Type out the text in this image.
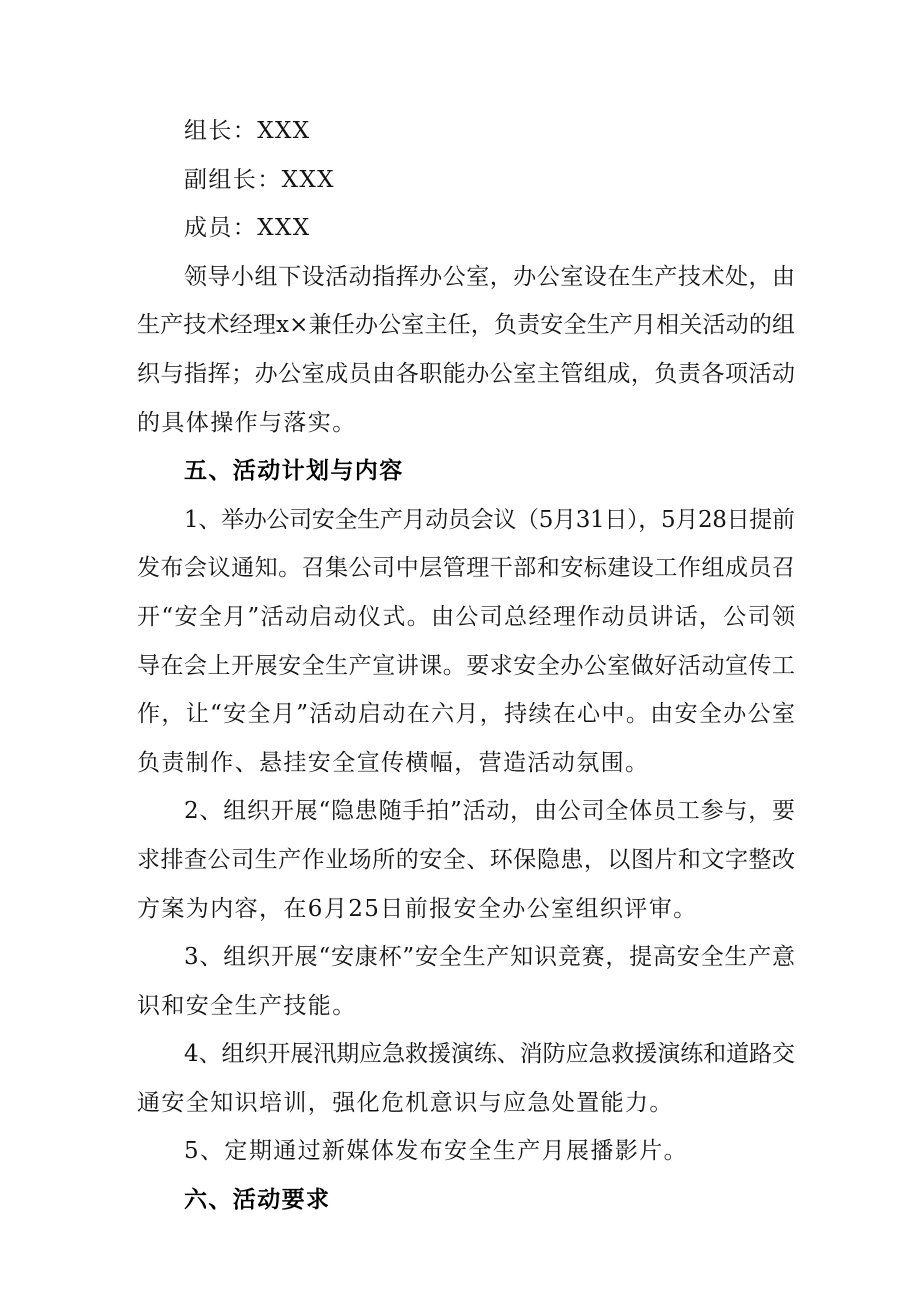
组长：XXX
副组长：XXX
成员：XXX
领导小组下设活动指挥办公室，办公室设在生产技术处，由
生产技术经理x×兼任办公室主任，负责安全生产月相关活动的组
织与指挥；办公室成员由各职能办公室主管组成，负责各项活动
的具体操作与落实。
五、活动计划与内容
1、举办公司安全生产月动员会议（5月31日），5月28日提前
发布会议通知。召集公司中层管理干部和安标建设工作组成员召
开“安全月”活动启动仪式。由公司总经理作动员讲话，公司领
导在会上开展安全生产宣讲课。要求安全办公室做好活动宣传工
作，让“安全月”活动启动在六月，持续在心中。由安全办公室
负责制作、悬挂安全宣传横幅，营造活动氛围。
2、组织开展“隐患随手拍”活动，由公司全体员工参与，要
求排查公司生产作业场所的安全、环保隐患，以图片和文字整改
方案为内容，在6月25日前报安全办公室组织评审。
3、组织开展“安康杯”安全生产知识竞赛，提高安全生产意
识和安全生产技能。
4、组织开展汛期应急救援演练、消防应急救援演练和道路交
通安全知识培训，强化危机意识与应急处置能力。
5、定期通过新媒体发布安全生产月展播影片。
六、活动要求
